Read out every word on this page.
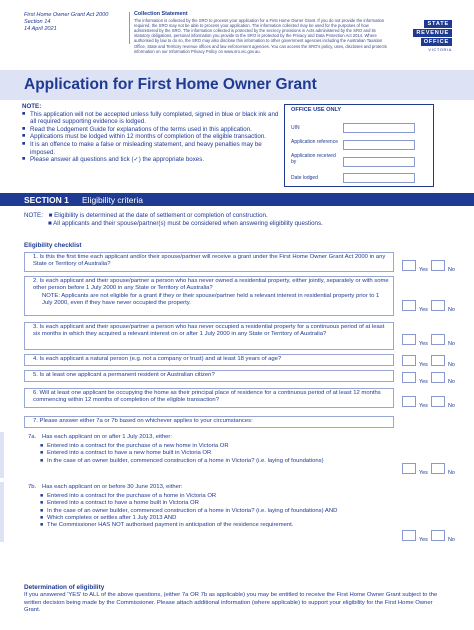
First Home Owner Grant Act 2000
Section 14
14 April 2021
Collection Statement
The information is collected by the SRO to process your application for a First Home Owner Grant. If you do not provide the information required, the SRO may not be able to process your application. The information collected may be used for the purposes of how administered by the SRO. The information collected is protected by the secrecy provisions in Acts administered by the SRO and its statutory obligations, personal information you provide to the SRO is protected by the Privacy and Data Protection Act 2014. Where authorised by law to do so, the SRO may also disclose this information to other government agencies including the Australian Taxation Office, State and Territory revenue offices and law enforcement agencies. You can access the SRO's policy, uses, discloses and protects information on our Information Privacy Policy on www.sro.vic.gov.au.
STATE
REVENUE
OFFICE
VICTORIA
Application for First Home Owner Grant
NOTE:
■ This application will not be accepted unless fully completed, signed in blue or black ink and all required supporting evidence is lodged.
■ Read the Lodgement Guide for explanations of the terms used in this application.
■ Applications must be lodged within 12 months of completion of the eligible transaction.
■ It is an offence to make a false or misleading statement, and heavy penalties may be imposed.
■ Please answer all questions and tick (✓) the appropriate boxes.
OFFICE USE ONLY
UIN
Application reference
Application received by
Date lodged
SECTION 1 Eligibility criteria
NOTE: ■ Eligibility is determined at the date of settlement or completion of construction.
■ All applicants and their spouse/partner(s) must be considered when answering eligibility questions.
Eligibility checklist
1. Is this the first time each applicant and/or their spouse/partner will receive a grant under the First Home Owner Grant Act 2000 in any State or Territory of Australia?
Yes	No
2. Is each applicant and their spouse/partner a person who has never owned a residential property, either jointly, separately or with some other person before 1 July 2000 in any State or Territory of Australia?
NOTE: Applicants are not eligible for a grant if they or their spouse/partner held a relevant interest in residential property prior to 1 July 2000, even if they have never occupied the property.
Yes	No
3. Is each applicant and their spouse/partner a person who has never occupied a residential property for a continuous period of at least six months in which they acquired a relevant interest on or after 1 July 2000 in any State or Territory of Australia?
Yes	No
4. Is each applicant a natural person (e.g. not a company or trust) and at least 18 years of age?
Yes	No
5. Is at least one applicant a permanent resident or Australian citizen?
Yes	No
6. Will at least one applicant be occupying the home as their principal place of residence for a continuous period of at least 12 months commencing within 12 months of completion of the eligible transaction?
Yes	No
7. Please answer either 7a or 7b based on whichever applies to your circumstances:
7a. Has each applicant on or after 1 July 2013, either:
■ Entered into a contract for the purchase of a new home in Victoria OR
■ Entered into a contract to have a new home built in Victoria OR
■ In the case of an owner builder, commenced construction of a home in Victoria? (i.e. laying of foundations)
Yes	No
7b. Has each applicant on or before 30 June 2013, either:
■ Entered into a contract for the purchase of a home in Victoria OR
■ Entered into a contract to have a home built in Victoria OR
■ In the case of an owner builder, commenced construction of a home in Victoria? (i.e. laying of foundations) AND
■ Which completes or settles after 1 July 2013 AND
■ The Commissioner HAS NOT authorised payment in anticipation of the residence requirement.
Yes	No
Determination of eligibility
If you answered 'YES' to ALL of the above questions, (either 7a OR 7b as applicable) you may be entitled to receive the First Home Owner Grant subject to the written decision being made by the Commissioner. Please attach additional information (where applicable) to support your eligibility for the First Home Owner Grant.
